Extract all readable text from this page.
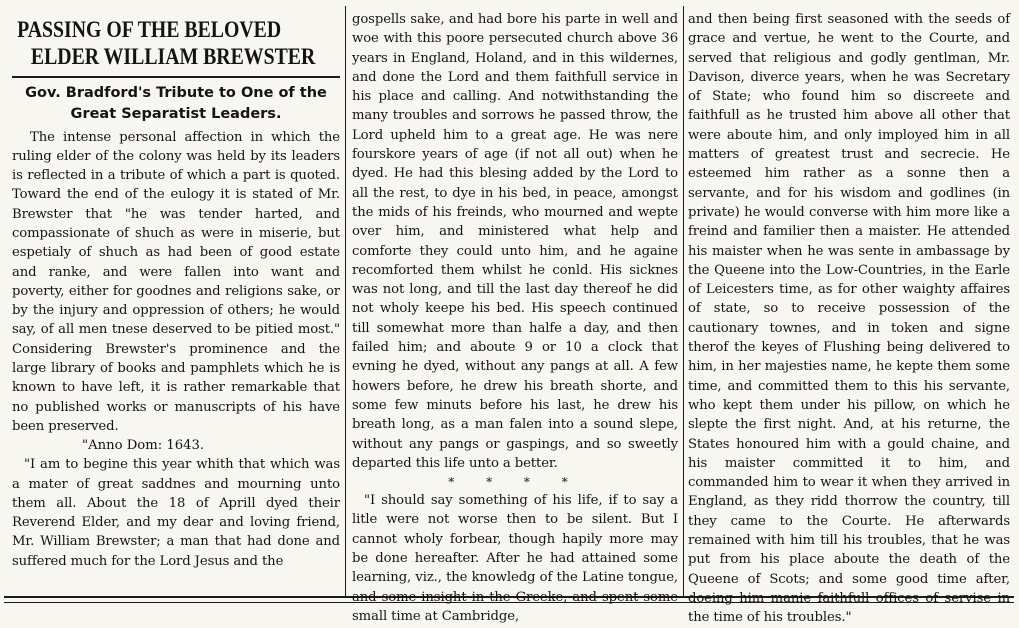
PASSING OF THE BELOVED
ELDER WILLIAM BREWSTER

Gov. Bradford's Tribute to One of the Great Separatist Leaders.

The intense personal affection in which the ruling elder of the colony was held by its leaders is reflected in a tribute of which a part is quoted. Toward the end of the eulogy it is stated of Mr. Brewster that "he was tender harted, and compassionate of shuch as were in miserie, but espetialy of shuch as had been of good estate and ranke, and were fallen into want and poverty, either for goodnes and religions sake, or by the injury and oppression of others; he would say, of all men tnese deserved to be pitied most." Considering Brewster's prominence and the large library of books and pamphlets which he is known to have left, it is rather remarkable that no published works or manuscripts of his have been preserved.

"Anno Dom: 1643.

"I am to begine this year whith that which was a mater of great saddnes and mourning unto them all. About the 18 of Aprill dyed their Reverend Elder, and my dear and loving friend, Mr. William Brewster; a man that had done and suffered much for the Lord Jesus and the

gospells sake, and had bore his parte in well and woe with this poore persecuted church above 36 years in England, Holand, and in this wildernes, and done the Lord and them faithfull service in his place and calling. And notwithstanding the many troubles and sorrows he passed throw, the Lord upheld him to a great age. He was nere fourskore years of age (if not all out) when he dyed. He had this blesing added by the Lord to all the rest, to dye in his bed, in peace, amongst the mids of his freinds, who mourned and wepte over him, and ministered what help and comforte they could unto him, and he againe recomforted them whilst he conld. His sicknes was not long, and till the last day thereof he did not wholy keepe his bed. His speech continued till somewhat more than halfe a day, and then failed him; and aboute 9 or 10 a clock that evning he dyed, without any pangs at all. A few howers before, he drew his breath shorte, and some few minuts before his last, he drew his breath long, as a man falen into a sound slepe, without any pangs or gaspings, and so sweetly departed this life unto a better.

* * * *

"I should say something of his life, if to say a litle were not worse then to be silent. But I cannot wholy forbear, though hapily more may be done hereafter. After he had attained some learning, viz., the knowledg of the Latine tongue, and some insight in the Greeke, and spent some small time at Cambridge,

and then being first seasoned with the seeds of grace and vertue, he went to the Courte, and served that religious and godly gentlman, Mr. Davison, diverce years, when he was Secretary of State; who found him so discreete and faithfull as he trusted him above all other that were aboute him, and only imployed him in all matters of greatest trust and secrecie. He esteemed him rather as a sonne then a servante, and for his wisdom and godlines (in private) he would converse with him more like a freind and familier then a maister. He attended his maister when he was sente in ambassage by the Queene into the Low-Countries, in the Earle of Leicesters time, as for other waighty affaires of state, so to receive possession of the cautionary townes, and in token and signe therof the keyes of Flushing being delivered to him, in her majesties name, he kepte them some time, and committed them to this his servante, who kept them under his pillow, on which he slepte the first night. And, at his returne, the States honoured him with a gould chaine, and his maister committed it to him, and commanded him to wear it when they arrived in England, as they ridd thorrow the country, till they came to the Courte. He afterwards remained with him till his troubles, that he was put from his place aboute the death of the Queene of Scots; and some good time after, doeing him manie faithfull offices of servise in the time of his troubles."
